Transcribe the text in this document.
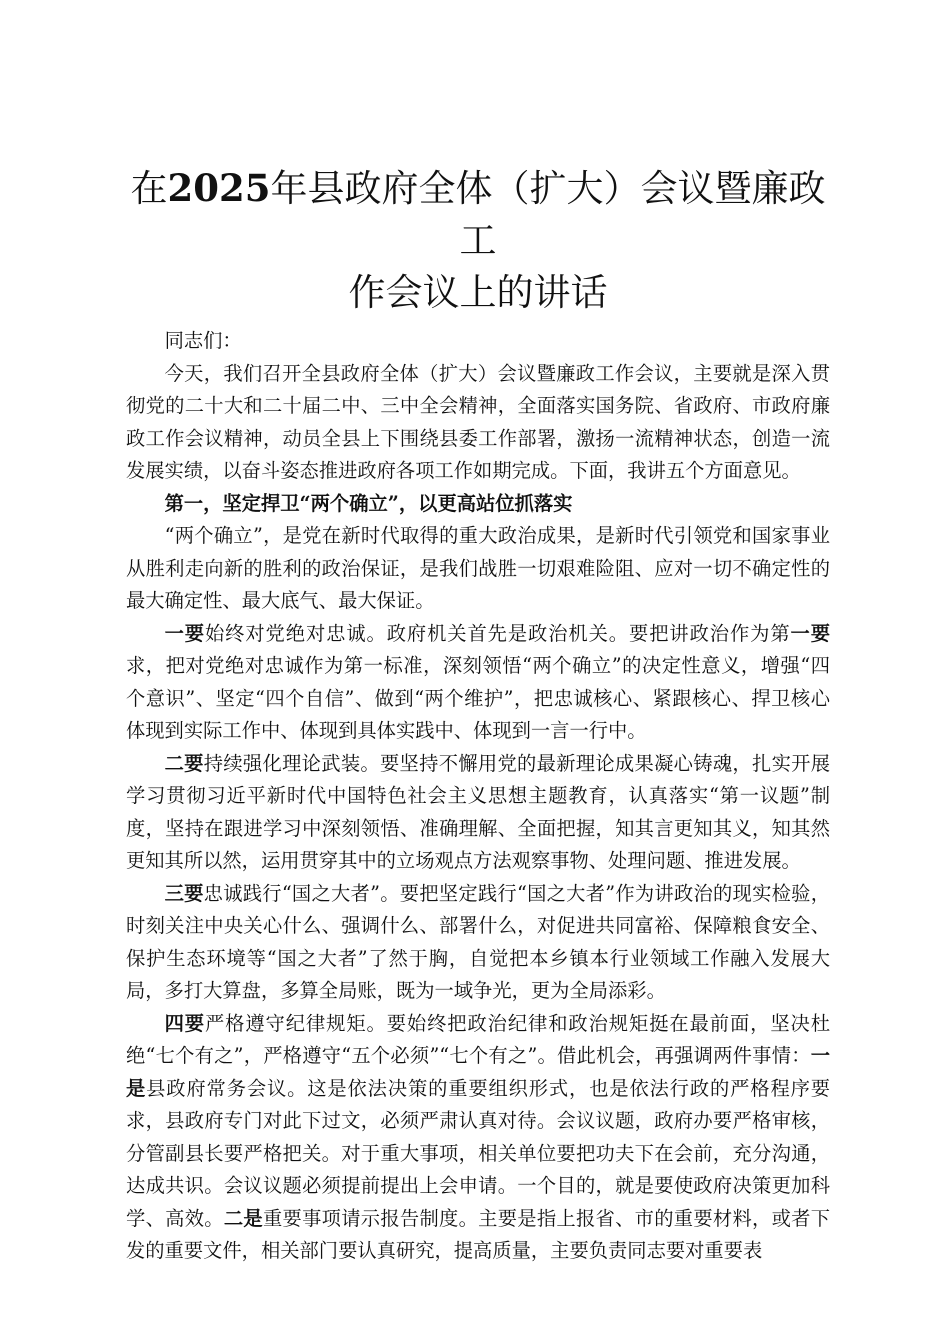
在2025年县政府全体（扩大）会议暨廉政工
作会议上的讲话

同志们：

今天，我们召开全县政府全体（扩大）会议暨廉政工作会议，主要就是深入贯彻党的二十大和二十届二中、三中全会精神，全面落实国务院、省政府、市政府廉政工作会议精神，动员全县上下围绕县委工作部署，激扬一流精神状态，创造一流发展实绩，以奋斗姿态推进政府各项工作如期完成。下面，我讲五个方面意见。

第一，坚定捍卫“两个确立”，以更高站位抓落实

“两个确立”，是党在新时代取得的重大政治成果，是新时代引领党和国家事业从胜利走向新的胜利的政治保证，是我们战胜一切艰难险阻、应对一切不确定性的最大确定性、最大底气、最大保证。

一要始终对党绝对忠诚。政府机关首先是政治机关。要把讲政治作为第一要求，把对党绝对忠诚作为第一标准，深刻领悟“两个确立”的决定性意义，增强“四个意识”、坚定“四个自信”、做到“两个维护”，把忠诚核心、紧跟核心、捍卫核心体现到实际工作中、体现到具体实践中、体现到一言一行中。

二要持续强化理论武装。要坚持不懈用党的最新理论成果凝心铸魂，扎实开展学习贯彻习近平新时代中国特色社会主义思想主题教育，认真落实“第一议题”制度，坚持在跟进学习中深刻领悟、准确理解、全面把握，知其言更知其义，知其然更知其所以然，运用贯穿其中的立场观点方法观察事物、处理问题、推进发展。

三要忠诚践行“国之大者”。要把坚定践行“国之大者”作为讲政治的现实检验，时刻关注中央关心什么、强调什么、部署什么，对促进共同富裕、保障粮食安全、保护生态环境等“国之大者”了然于胸，自觉把本乡镇本行业领域工作融入发展大局，多打大算盘，多算全局账，既为一域争光，更为全局添彩。

四要严格遵守纪律规矩。要始终把政治纪律和政治规矩挺在最前面，坚决杜绝“七个有之”，严格遵守“五个必须”“七个有之”。借此机会，再强调两件事情：一是县政府常务会议。这是依法决策的重要组织形式，也是依法行政的严格程序要求，县政府专门对此下过文，必须严肃认真对待。会议议题，政府办要严格审核，分管副县长要严格把关。对于重大事项，相关单位要把功夫下在会前，充分沟通，达成共识。会议议题必须提前提出上会申请。一个目的，就是要使政府决策更加科学、高效。二是重要事项请示报告制度。主要是指上报省、市的重要材料，或者下发的重要文件，相关部门要认真研究，提高质量，主要负责同志要对重要表
